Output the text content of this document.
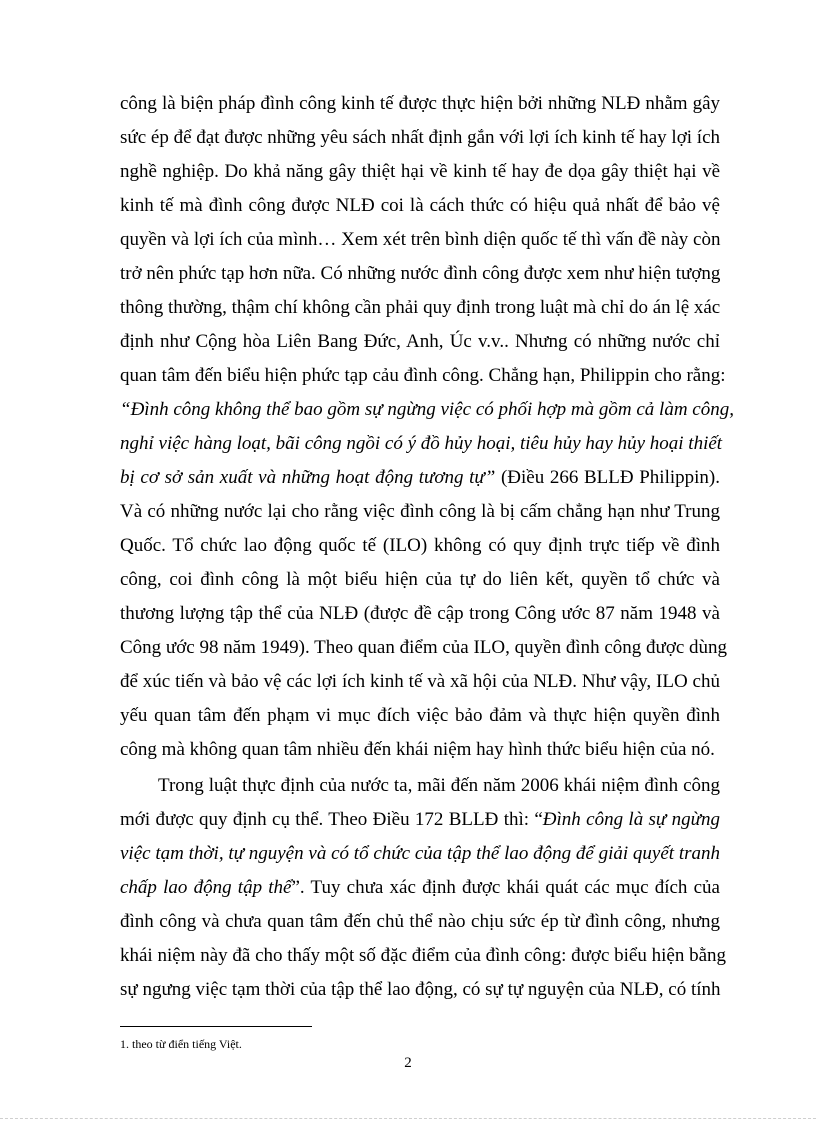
công là biện pháp đình công kinh tế được thực hiện bởi những NLĐ nhằm gây
sức ép để đạt được những yêu sách nhất định gắn với lợi ích kinh tế hay lợi ích
nghề nghiệp. Do khả năng gây thiệt hại về kinh tế hay đe dọa gây thiệt hại về
kinh tế mà đình công được NLĐ coi là cách thức có hiệu quả nhất để bảo vệ
quyền và lợi ích của mình… Xem xét trên bình diện quốc tế thì vấn đề này còn
trở nên phức tạp hơn nữa. Có những nước đình công được xem như hiện tượng
thông thường, thậm chí không cần phải quy định trong luật mà chỉ do án lệ xác
định như Cộng hòa Liên Bang Đức, Anh, Úc v.v.. Nhưng có những nước chỉ
quan tâm đến biểu hiện phức tạp cảu đình công. Chẳng hạn, Philippin cho rằng:
“Đình công không thể bao gồm sự ngừng việc có phối hợp mà gồm cả làm công,
nghỉ việc hàng loạt, bãi công ngồi có ý đồ hủy hoại, tiêu hủy hay hủy hoại thiết
bị cơ sở sản xuất và những hoạt động tương tự” (Điều 266 BLLĐ Philippin).
Và có những nước lại cho rằng việc đình công là bị cấm chẳng hạn như Trung
Quốc. Tổ chức lao động quốc tế (ILO) không có quy định trực tiếp về đình
công, coi đình công là một biểu hiện của tự do liên kết, quyền tổ chức và
thương lượng tập thể của NLĐ (được đề cập trong Công ước 87 năm 1948 và
Công ước 98 năm 1949). Theo quan điểm của ILO, quyền đình công được dùng
để xúc tiến và bảo vệ các lợi ích kinh tế và xã hội của NLĐ. Như vậy, ILO chủ
yếu quan tâm đến phạm vi mục đích việc bảo đảm và thực hiện quyền đình
công mà không quan tâm nhiều đến khái niệm hay hình thức biểu hiện của nó.
Trong luật thực định của nước ta, mãi đến năm 2006 khái niệm đình công
mới được quy định cụ thể. Theo Điều 172 BLLĐ thì: “Đình công là sự ngừng
việc tạm thời, tự nguyện và có tổ chức của tập thể lao động để giải quyết tranh
chấp lao động tập thể”. Tuy chưa xác định được khái quát các mục đích của
đình công và chưa quan tâm đến chủ thể nào chịu sức ép từ đình công, nhưng
khái niệm này đã cho thấy một số đặc điểm của đình công: được biểu hiện bằng
sự ngưng việc tạm thời của tập thể lao động, có sự tự nguyện của NLĐ, có tính
1. theo từ điển tiếng Việt.
2
